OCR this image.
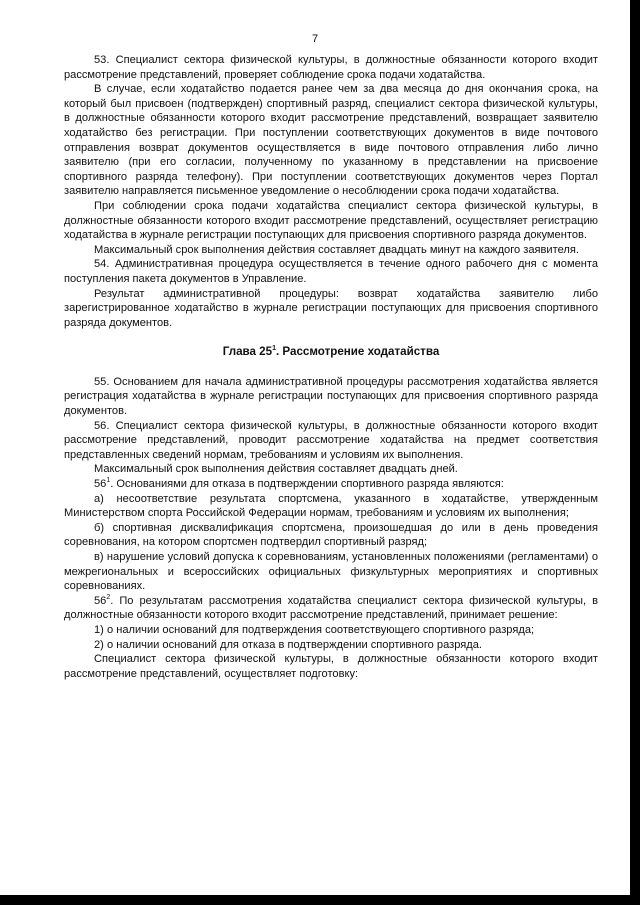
7

53. Специалист сектора физической культуры, в должностные обязанности которого входит рассмотрение представлений, проверяет соблюдение срока подачи ходатайства.

В случае, если ходатайство подается ранее чем за два месяца до дня окончания срока, на который был присвоен (подтвержден) спортивный разряд, специалист сектора физической культуры, в должностные обязанности которого входит рассмотрение представлений, возвращает заявителю ходатайство без регистрации. При поступлении соответствующих документов в виде почтового отправления возврат документов осуществляется в виде почтового отправления либо лично заявителю (при его согласии, полученному по указанному в представлении на присвоение спортивного разряда телефону). При поступлении соответствующих документов через Портал заявителю направляется письменное уведомление о несоблюдении срока подачи ходатайства.

При соблюдении срока подачи ходатайства специалист сектора физической культуры, в должностные обязанности которого входит рассмотрение представлений, осуществляет регистрацию ходатайства в журнале регистрации поступающих для присвоения спортивного разряда документов.

Максимальный срок выполнения действия составляет двадцать минут на каждого заявителя.

54. Административная процедура осуществляется в течение одного рабочего дня с момента поступления пакета документов в Управление.

Результат административной процедуры: возврат ходатайства заявителю либо зарегистрированное ходатайство в журнале регистрации поступающих для присвоения спортивного разряда документов.

Глава $25^1$. Рассмотрение ходатайства

55. Основанием для начала административной процедуры рассмотрения ходатайства является регистрация ходатайства в журнале регистрации поступающих для присвоения спортивного разряда документов.

56. Специалист сектора физической культуры, в должностные обязанности которого входит рассмотрение представлений, проводит рассмотрение ходатайства на предмет соответствия представленных сведений нормам, требованиям и условиям их выполнения.

Максимальный срок выполнения действия составляет двадцать дней.

$56^1$. Основаниями для отказа в подтверждении спортивного разряда являются:

а) несоответствие результата спортсмена, указанного в ходатайстве, утвержденным Министерством спорта Российской Федерации нормам, требованиям и условиям их выполнения;

б) спортивная дисквалификация спортсмена, произошедшая до или в день проведения соревнования, на котором спортсмен подтвердил спортивный разряд;

в) нарушение условий допуска к соревнованиям, установленных положениями (регламентами) о межрегиональных и всероссийских официальных физкультурных мероприятиях и спортивных соревнованиях.

$56^2$. По результатам рассмотрения ходатайства специалист сектора физической культуры, в должностные обязанности которого входит рассмотрение представлений, принимает решение:

1) о наличии оснований для подтверждения соответствующего спортивного разряда;

2) о наличии оснований для отказа в подтверждении спортивного разряда.

Специалист сектора физической культуры, в должностные обязанности которого входит рассмотрение представлений, осуществляет подготовку:
